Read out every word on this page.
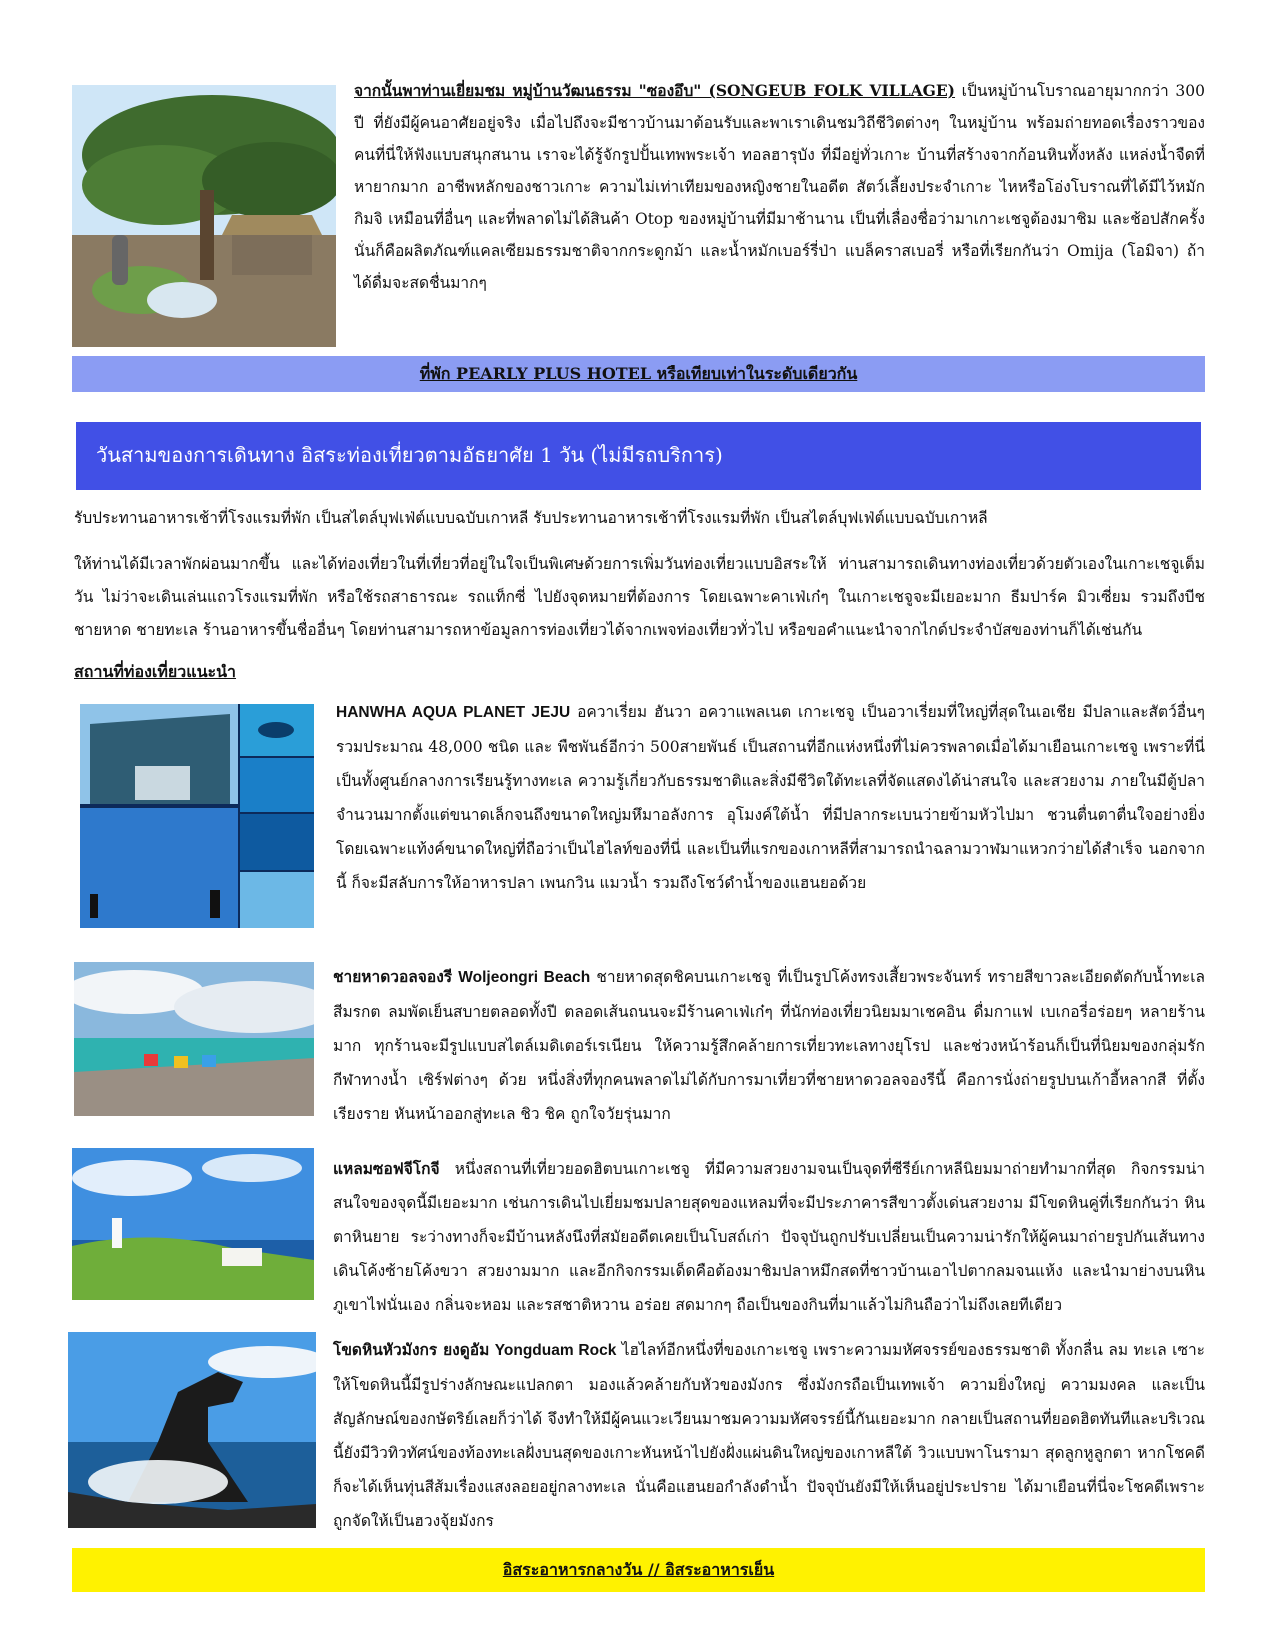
จากนั้นพาท่านเยี่ยมชม หมู่บ้านวัฒนธรรม "ซองอึบ" (SONGEUB FOLK VILLAGE) เป็นหมู่บ้านโบราณอายุมากกว่า 300 ปี ที่ยังมีผู้คนอาศัยอยู่จริง เมื่อไปถึงจะมีชาวบ้านมาต้อนรับและพาเราเดินชมวิถีชีวิตต่างๆ ในหมู่บ้าน พร้อมถ่ายทอดเรื่องราวของคนที่นี่ให้ฟังแบบสนุกสนาน เราจะได้รู้จักรูปปั้นเทพพระเจ้า ทอลฮารุบัง ที่มีอยู่ทั่วเกาะ บ้านที่สร้างจากก้อนหินทั้งหลัง แหล่งน้ำจืดที่หายากมาก อาชีพหลักของชาวเกาะ ความไม่เท่าเทียมของหญิงชายในอดีต สัตว์เลี้ยงประจำเกาะ ไหหรือโอ่งโบราณที่ได้มีไว้หมักกิมจิ เหมือนที่อื่นๆ และที่พลาดไม่ได้สินค้า Otop ของหมู่บ้านที่มีมาช้านาน เป็นที่เลื่องชื่อว่ามาเกาะเชจูต้องมาชิม และช้อปสักครั้ง นั่นก็คือผลิตภัณฑ์แคลเซียมธรรมชาติจากกระดูกม้า และน้ำหมักเบอร์รี่ป่า แบล็คราสเบอรี่ หรือที่เรียกกันว่า Omija (โอมิจา) ถ้าได้ดื่มจะสดชื่นมากๆ

ที่พัก PEARLY PLUS HOTEL หรือเทียบเท่าในระดับเดียวกัน
วันสามของการเดินทาง อิสระท่องเที่ยวตามอัธยาศัย 1 วัน (ไม่มีรถบริการ)

รับประทานอาหารเช้าที่โรงแรมที่พัก เป็นสไตล์บุฟเฟ่ต์แบบฉบับเกาหลี รับประทานอาหารเช้าที่โรงแรมที่พัก เป็นสไตล์บุฟเฟ่ต์แบบฉบับเกาหลี

ให้ท่านได้มีเวลาพักผ่อนมากขึ้น และได้ท่องเที่ยวในที่เที่ยวที่อยู่ในใจเป็นพิเศษด้วยการเพิ่มวันท่องเที่ยวแบบอิสระให้ ท่านสามารถเดินทางท่องเที่ยวด้วยตัวเองในเกาะเชจูเต็มวัน ไม่ว่าจะเดินเล่นแถวโรงแรมที่พัก หรือใช้รถสาธารณะ รถแท็กซี่ ไปยังจุดหมายที่ต้องการ โดยเฉพาะคาเฟ่เก๋ๆ ในเกาะเชจูจะมีเยอะมาก ธีมปาร์ค มิวเซี่ยม รวมถึงบีช ชายหาด ชายทะเล ร้านอาหารขึ้นชื่ออื่นๆ โดยท่านสามารถหาข้อมูลการท่องเที่ยวได้จากเพจท่องเที่ยวทั่วไป หรือขอคำแนะนำจากไกด์ประจำบัสของท่านก็ได้เช่นกัน

สถานที่ท่องเที่ยวแนะนำ

HANWHA AQUA PLANET JEJU อควาเรี่ยม ฮันวา อควาแพลเนต เกาะเชจู เป็นอวาเรี่ยมที่ใหญ่ที่สุดในเอเชีย มีปลาและสัตว์อื่นๆรวมประมาณ 48,000 ชนิด และ พืชพันธ์อีกว่า 500สายพันธ์ เป็นสถานที่อีกแห่งหนึ่งที่ไม่ควรพลาดเมื่อได้มาเยือนเกาะเชจู เพราะที่นี่เป็นทั้งศูนย์กลางการเรียนรู้ทางทะเล ความรู้เกี่ยวกับธรรมชาติและสิ่งมีชีวิตใต้ทะเลที่จัดแสดงได้น่าสนใจ และสวยงาม ภายในมีตู้ปลาจำนวนมากตั้งแต่ขนาดเล็กจนถึงขนาดใหญ่มหึมาอลังการ อุโมงค์ใต้น้ำ ที่มีปลากระเบนว่ายข้ามหัวไปมา ชวนตื่นตาตื่นใจอย่างยิ่ง โดยเฉพาะแท้งค์ขนาดใหญ่ที่ถือว่าเป็นไฮไลท์ของที่นี่ และเป็นที่แรกของเกาหลีที่สามารถนำฉลามวาฬมาแหวกว่ายได้สำเร็จ นอกจากนี้ ก็จะมีสลับการให้อาหารปลา เพนกวิน แมวน้ำ รวมถึงโชว์ดำน้ำของแฮนยอด้วย

ชายหาดวอลจองรี Woljeongri Beach ชายหาดสุดชิคบนเกาะเชจู ที่เป็นรูปโค้งทรงเสี้ยวพระจันทร์ ทรายสีขาวละเอียดตัดกับน้ำทะเลสีมรกต ลมพัดเย็นสบายตลอดทั้งปี ตลอดเส้นถนนจะมีร้านคาเฟ่เก๋ๆ ที่นักท่องเที่ยวนิยมมาเชคอิน ดื่มกาแฟ เบเกอรี่อร่อยๆ หลายร้านมาก ทุกร้านจะมีรูปแบบสไตล์เมดิเตอร์เรเนียน ให้ความรู้สึกคล้ายการเที่ยวทะเลทางยุโรป และช่วงหน้าร้อนก็เป็นที่นิยมของกลุ่มรักกีฬาทางน้ำ เซิร์ฟต่างๆ ด้วย หนึ่งสิ่งที่ทุกคนพลาดไม่ได้กับการมาเที่ยวที่ชายหาดวอลจองรีนี้ คือการนั่งถ่ายรูปบนเก้าอี้หลากสี ที่ตั้งเรียงราย หันหน้าออกสู่ทะเล ชิว ชิค ถูกใจวัยรุ่นมาก

แหลมซอฟจีโกจี หนึ่งสถานที่เที่ยวยอดฮิตบนเกาะเชจู ที่มีความสวยงามจนเป็นจุดที่ซีรีย์เกาหลีนิยมมาถ่ายทำมากที่สุด กิจกรรมน่าสนใจของจุดนี้มีเยอะมาก เช่นการเดินไปเยี่ยมชมปลายสุดของแหลมที่จะมีประภาคารสีขาวตั้งเด่นสวยงาม มีโขดหินคู่ที่เรียกกันว่า หินตาหินยาย ระว่างทางก็จะมีบ้านหลังนึงที่สมัยอดีตเคยเป็นโบสถ์เก่า ปัจจุบันถูกปรับเปลี่ยนเป็นความน่ารักให้ผู้คนมาถ่ายรูปกันเส้นทางเดินโค้งซ้ายโค้งขวา สวยงามมาก และอีกกิจกรรมเด็ดคือต้องมาชิมปลาหมึกสดที่ชาวบ้านเอาไปตากลมจนแห้ง และนำมาย่างบนหินภูเขาไฟนั่นเอง กลิ่นจะหอม และรสชาติหวาน อร่อย สดมากๆ ถือเป็นของกินที่มาแล้วไม่กินถือว่าไม่ถึงเลยทีเดียว

โขดหินหัวมังกร ยงดูอัม Yongduam Rock ไฮไลท์อีกหนึ่งที่ของเกาะเชจู เพราะความมหัศจรรย์ของธรรมชาติ ทั้งกลื่น ลม ทะเล เซาะให้โขดหินนี้มีรูปร่างลักษณะแปลกตา มองแล้วคล้ายกับหัวของมังกร ซึ่งมังกรถือเป็นเทพเจ้า ความยิ่งใหญ่ ความมงคล และเป็นสัญลักษณ์ของกษัตริย์เลยก็ว่าได้ จึงทำให้มีผู้คนแวะเวียนมาชมความมหัศจรรย์นี้กันเยอะมาก กลายเป็นสถานที่ยอดฮิตทันทีและบริเวณนี้ยังมีวิวทิวทัศน์ของท้องทะเลฝั่งบนสุดของเกาะหันหน้าไปยังฝั่งแผ่นดินใหญ่ของเกาหลีใต้ วิวแบบพาโนรามา สุดลูกหูลูกตา หากโชคดีก็จะได้เห็นทุ่นสีส้มเรื่องแสงลอยอยู่กลางทะเล นั่นคือแฮนยอกำลังดำน้ำ ปัจจุบันยังมีให้เห็นอยู่ประปราย ได้มาเยือนที่นี่จะโชคดีเพราะถูกจัดให้เป็นฮวงจุ้ยมังกร

อิสระอาหารกลางวัน // อิสระอาหารเย็น
